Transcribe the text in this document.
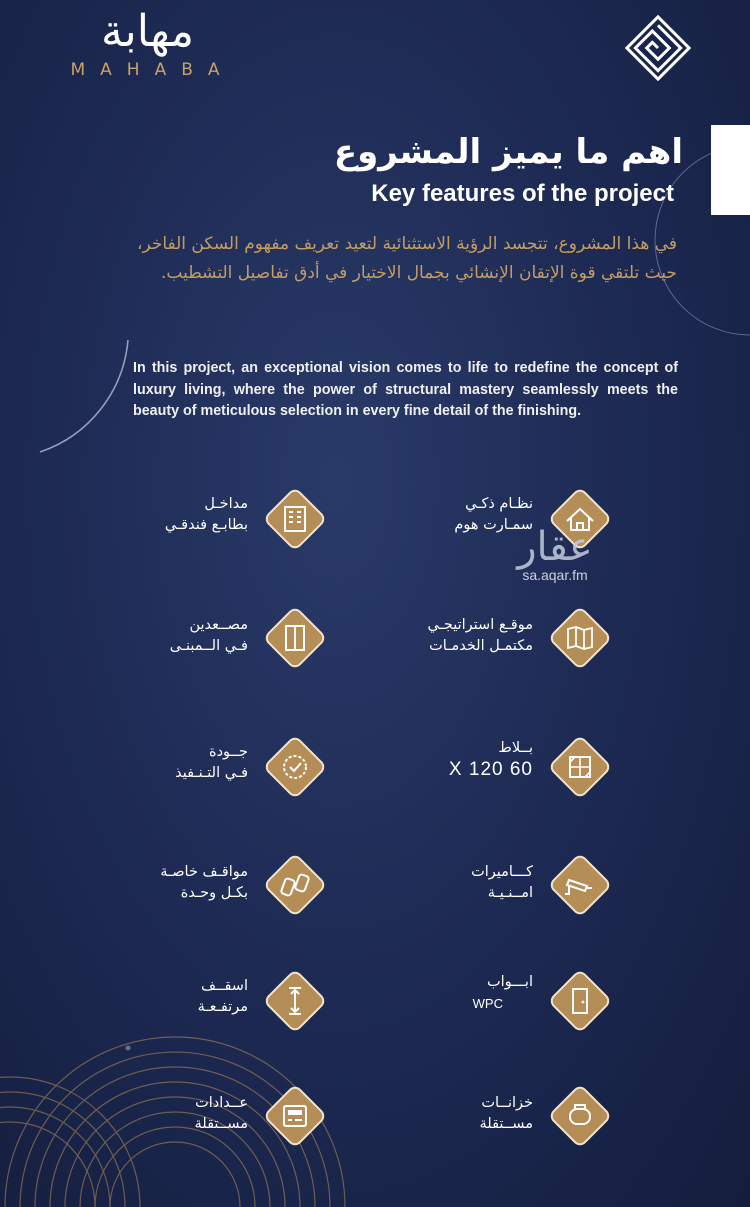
مهابة
MAHABA
اهم ما يميز المشروع
Key features of the project
في هذا المشروع، تتجسد الرؤية الاستثنائية لتعيد تعريف مفهوم السكن الفاخر، حيث تلتقي قوة الإتقان الإنشائي بجمال الاختيار في أدق تفاصيل التشطيب.
In this project, an exceptional vision comes to life to redefine the concept of luxury living, where the power of structural mastery seamlessly meets the beauty of meticulous selection in every fine detail of the finishing.
نظـام ذكـي
سمـارت هوم
مداخـل
بطابـع فندقـي
موقـع استراتيجـي
مكتمـل الخدمـات
مصــعدين
فـي الــمبنـى
بــلاط
60 X 120
جــودة
فـي التـنـفيذ
كـــاميرات
امــنـيـة
مواقـف خاصـة
بكـل وحـدة
ابـــواب
WPC
اسقــف
مرتفـعـة
خزانــات
مســتقلة
عــدادات
مســتقلة
عقار
sa.aqar.fm
